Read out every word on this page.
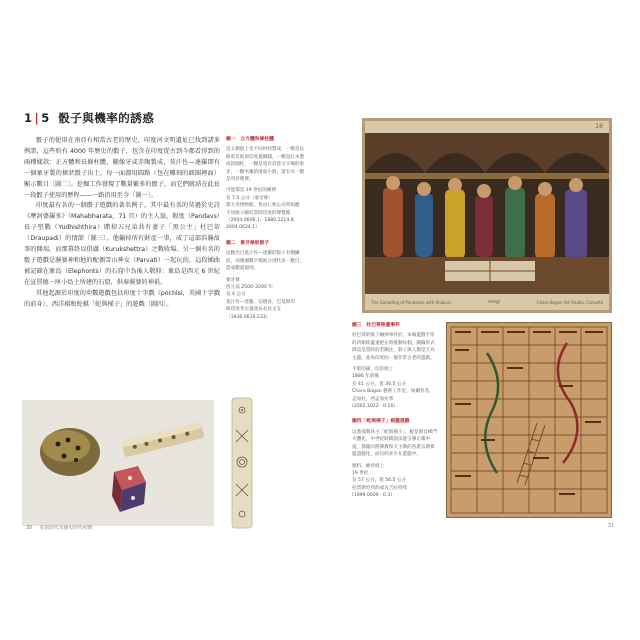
1 | 5 骰子與機率的誘惑

骰子的使用在南亞有相當古老的歷史，印度河文明遺址已找到諸多例證，這些約有 4000 年歷史的骰子，包含在印度從古到今都看得到的兩種樣款：正方體和長條柱體，顯像牙或赤陶製成，莫汗佐—達羅即有一個象牙製的條狀骰子出土，每一面都用圓點（包在雕刻的圓圈裡面）顯示數目〔圖二〕。挖掘工作發現了數量繁多的骰子，而它們就結在此長一段骰子使用的歷程——一路沿用至今〔圖一〕。

印度最有名的一個骰子遊戲的著名例子，其中最有名的莫過於史詩《摩訶婆羅多》（Mahabharata，71 頁）的主人翁，般度（Pandavs）長子堅戰（Yudhishthira）賭掉五兄弟共有妻子「黑公主」杜巴蒂（Draupadi）的情節〔圖三〕。他輸掉所有財產一事，成了這部浩瀚故事的開端，而那幕終以俱盧（Kurukshettra）之戰收場。另一個有名的骰子遊戲是濕婆神和他的配偶雪山神女（Parvati）一起玩的，這段插曲被記錄在象島（Elephonts）的石窟中為後人敬仰：象島是西元 6 世紀在宣賈德一座小島上所建的石窟，供奉濕婆的神祇。

其他起源於印度的奕數遊戲包括印度十字戲（pochisi，英國十字戲的前身）、西洋棋和蛇棋「蛇與梯子」的遊戲〔圖四〕。

圖一　立方體和條柱體
這五顆骰子是不同材料製成：一顆是長條狀有的南印度黃銅圓，一顆是紅木製成的圓柱，一顆是塗有彩瓷文字場的象牙，一顆木雕的滑面小骰，還有另一顆是用於賭博。
可能都是 19 世紀的圖例
長 7.5 公分（象牙條）
都大英博物館，皆由仁和公司所捐贈
不同骰子圖於當時印度的博覽館（2004.0606.1、1880.1214.8，2004.0624.1）
圖二　象牙條狀骰子
這顆出自莫汗佐—達羅的骰子有倒鱗紋，而幾個數字都被分別代表一數目，造成數量規則。
象牙條
西元前 2500–2000 年
長 4 公分
莫汗佐—達羅，信德省，巴基斯坦
與印度考古遺產局長長文支（1936.0616.233）
30 史前時代及歷史時代初期
16
The Gambling of Pandavas with Shakuni	पांडवद्यूत	Chora Bagan Art Studio, Calcutta
圖三　杜巴蒂陸蓋事件
杜巴蒂的骰子輸掉事件於，本場遊戲手常的四類陸蓋妻把在時推動每個，錦篩形式與這是當時的若關注，骰子與人類是互為主題，並為印度的一個非常古老的遊戲。
平版印刷，印於紙上
1886 年前後
長 41 公分，寬 30.5 公分
Chora Bagan 藝術工作室，加爾各答，孟加拉，西孟加拉邦
(2002.1022 · 0.16)
圖四「蛇與梯子」棋盤遊戲
以耆那教爲主「蛇與梯子」，板是源自梯門大體化，中世紀時期說法能引導正確中道，都傾向將佛教和天主教的各派宗教棋盤遊戲化，而信仰多少在遊戲中。
顏料，繪於紙上
19 世紀
長 57 公分，寬 56.5 公分
拉賈斯坦邦的或古吉拉特邦
(1999.0609 · 0.3)
31
